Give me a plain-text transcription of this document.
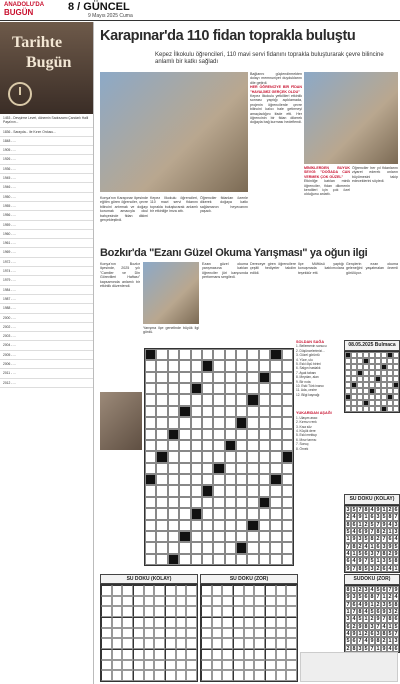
ANADOLU'DA
BUGÜN	8 / GÜNCEL
9 Mayıs 2025 Cuma
Tarihte
Bugün
1453 - Devşirme Levet, dönemin Sadrazamı Çandarlı Halil Paşa'nın...
1836 - Sarayda... ile Kırım Ordusu...
1848 - ...
1905 - ...
1926 - ...
1936 - ...
1945 - ...
1946 - ...
1950 - ...
1955 - ...
1956 - ...
1959 - ...
1960 - ...
1961 - ...
1969 - ...
1972 - ...
1974 - ...
1979 - ...
1984 - ...
1987 - ...
1988 - ...
2000 - ...
2002 - ...
2003 - ...
2004 - ...
2005 - ...
2006 - ...
2011 - ...
2012 - ...
Karapınar'da 110 fidan toprakla buluştu
Kepez İlkokulu öğrencileri, 110 mavi servi fidanını toprakla buluşturarak çevre bilincine anlamlı bir katkı sağladı
Konya'nın Karapınar ilçesinde eğitim gören öğrenciler, çevre bilincini artırmak ve doğayı korumak amacıyla okul bahçesinde fidan dikimi gerçekleştirdi.
Kepez İlkokulu öğrencileri, 110 mavi servi fidanını toprakla buluşturarak anlamlı bir etkinliğe imza attı.
Öğrenciler fidanları özenle dikerek doğaya katkı sağlamanın heyecanını yaşadı.
Bağlarını güçlendirmekten dolayı memnuniyet duyduklarını dile getirdi.
HER ÖĞRENCİYE BİR FİDAN "HAYALİMİZ GERÇEK OLDU"
Kepez İlkokulu yetkilileri etkinlik sonrası yaptığı açıklamada, projenin öğrencilerde çevre bilincini kalıcı hale getirmeyi amaçladığını ifade etti. Her öğrencinin bir fidan dikerek doğayla bağ kurması hedeflendi.
MİNİKLERDEN BÜYÜK SEVGİ: "DOĞADA CAN VERMEK ÇOK GÜZEL"
Etkinliğe katılan minik öğrenciler, fidan dikmenin kendileri için çok özel olduğunu anlattı.
Öğrenciler her yıl fidanlarını ziyaret ederek onların büyümesini takip edeceklerini söyledi.
Bozkır'da "Ezanı Güzel Okuma Yarışması" ya oğun ilgi
Konya'nın Bozkır ilçesinde, 2025 yılı "Camiler ve Din Görevlileri Haftası" kapsamında anlamlı bir etkinlik düzenlendi.
Yarışma ilçe genelinde büyük ilgi gördü.
Ezanı güzel okuma yarışmasına katılan öğrenciler jüri karşısında performans sergiledi.
Dereceye giren öğrencilere çeşitli hediyeler takdim edildi.
İlçe Müftüsü yaptığı konuşmada katılımcılara teşekkür etti.
Gençlerin ezan okuma geleneğini yaşatmaları önemli görülüyor.
SOLDAN SAĞA
1. Bellemenin sonucu
2. Düşüncelerimizi...
3. Güzel görüntü
4. Yüce, ulu
5. Eski ölçü birimi
6. Salgın hastalık
7. Ayak tabanı
8. Meydan, alan
9. Bir nota
10. Eski Türk inancı
11. Ada, cezire
12. Bilgi kaynağı
YUKARIDAN AŞAĞI
1. Ulaşım aracı
2. Kırmızı renk
3. Kısa söz
4. Küçük dere
5. Eski mektup
6. Mısır tanrısı
7. Sonuç
8. Örnek
08.05.2025 Bulmaca
SU DOKU (KOLAY)
3 5 7 8 4 9 1 2 6
2 4 9 1 6 3 5 8 7
8 6 1 2 5 7 9 4 3
5 4 6 9 7 8 2 1 3
1 9 3 5 8 2 7 6 4
7 8 2 4 1 6 3 9 5
4 1 5 6 3 7 8 2 9
6 4 9 7 5 1 3 5 8
9 7 8 5 3 2 6 4 1
SUDOKU (ZOR)
8 1 2 3 4 5 6 7 9
9 3 5 6 8 7 1 2 4
7 6 4 9 1 2 3 5 8
1 7 8 4 5 6 9 3 2
3 4 5 1 2 9 7 8 6
6 2 9 8 3 7 4 1 5
4 9 1 2 6 3 8 5 7
5 6 7 4 9 8 2 1 3
2 8 3 5 7 1 9 4 6
SU DOKU (KOLAY)	SU DOKU (ZOR)
